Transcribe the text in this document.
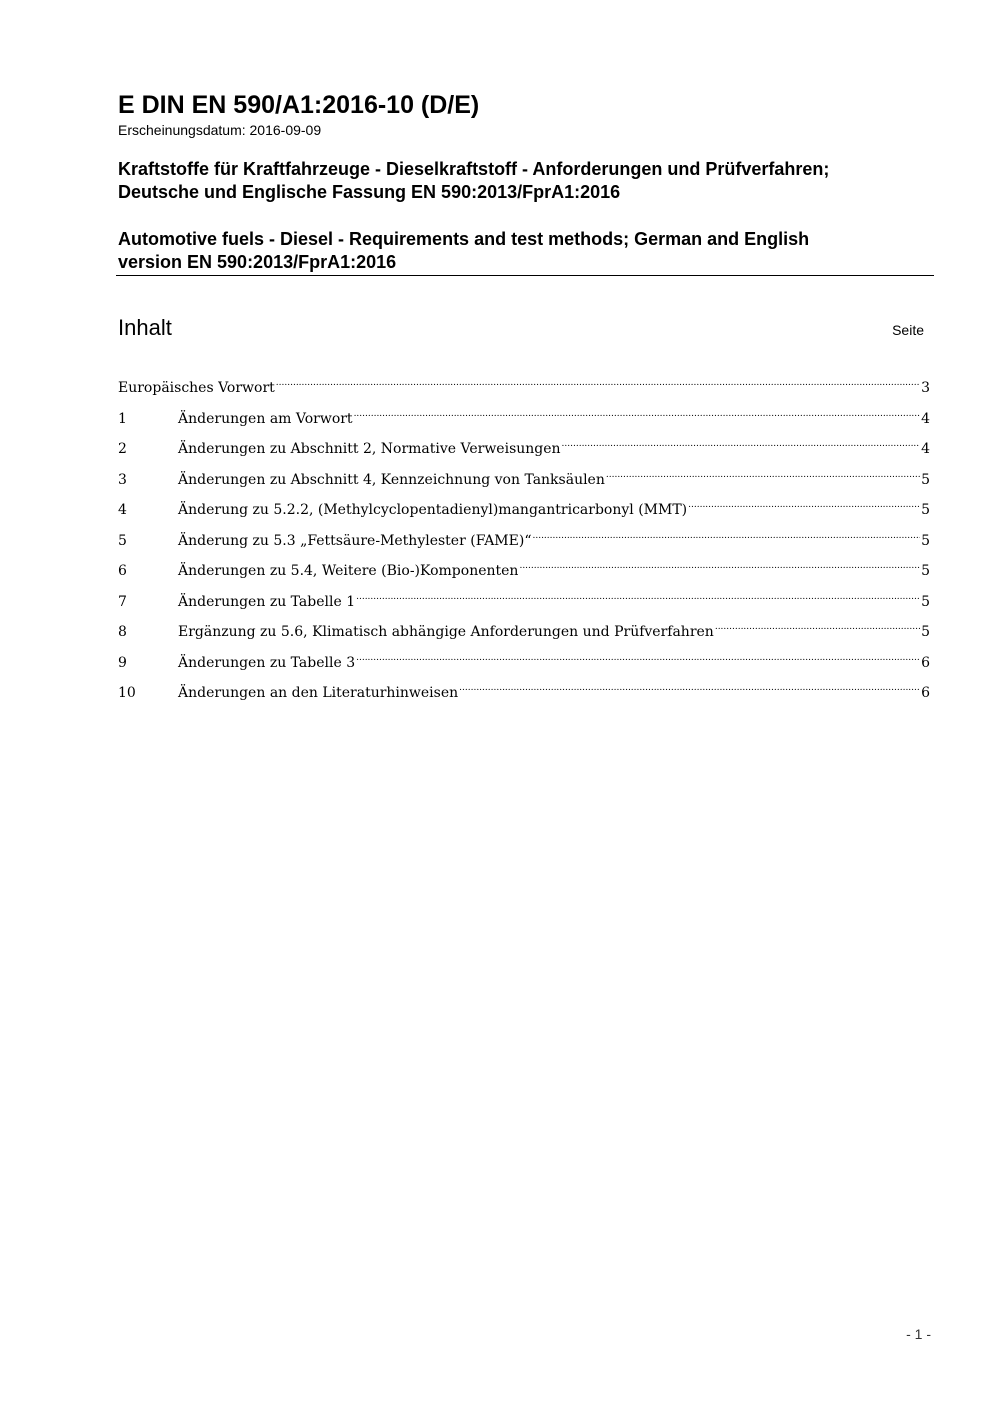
E DIN EN 590/A1:2016-10 (D/E)
Erscheinungsdatum: 2016-09-09
Kraftstoffe für Kraftfahrzeuge - Dieselkraftstoff - Anforderungen und Prüfverfahren;
Deutsche und Englische Fassung EN 590:2013/FprA1:2016
Automotive fuels - Diesel - Requirements and test methods; German and English
version EN 590:2013/FprA1:2016
Inhalt	Seite
Europäisches Vorwort .....	3
1	Änderungen am Vorwort .....	4
2	Änderungen zu Abschnitt 2, Normative Verweisungen .....	4
3	Änderungen zu Abschnitt 4, Kennzeichnung von Tanksäulen .....	5
4	Änderung zu 5.2.2, (Methylcyclopentadienyl)mangantricarbonyl (MMT) .....	5
5	Änderung zu 5.3 „Fettsäure-Methylester (FAME)“ .....	5
6	Änderungen zu 5.4, Weitere (Bio-)Komponenten .....	5
7	Änderungen zu Tabelle 1 .....	5
8	Ergänzung zu 5.6, Klimatisch abhängige Anforderungen und Prüfverfahren .....	5
9	Änderungen zu Tabelle 3 .....	6
10	Änderungen an den Literaturhinweisen .....	6
- 1 -
